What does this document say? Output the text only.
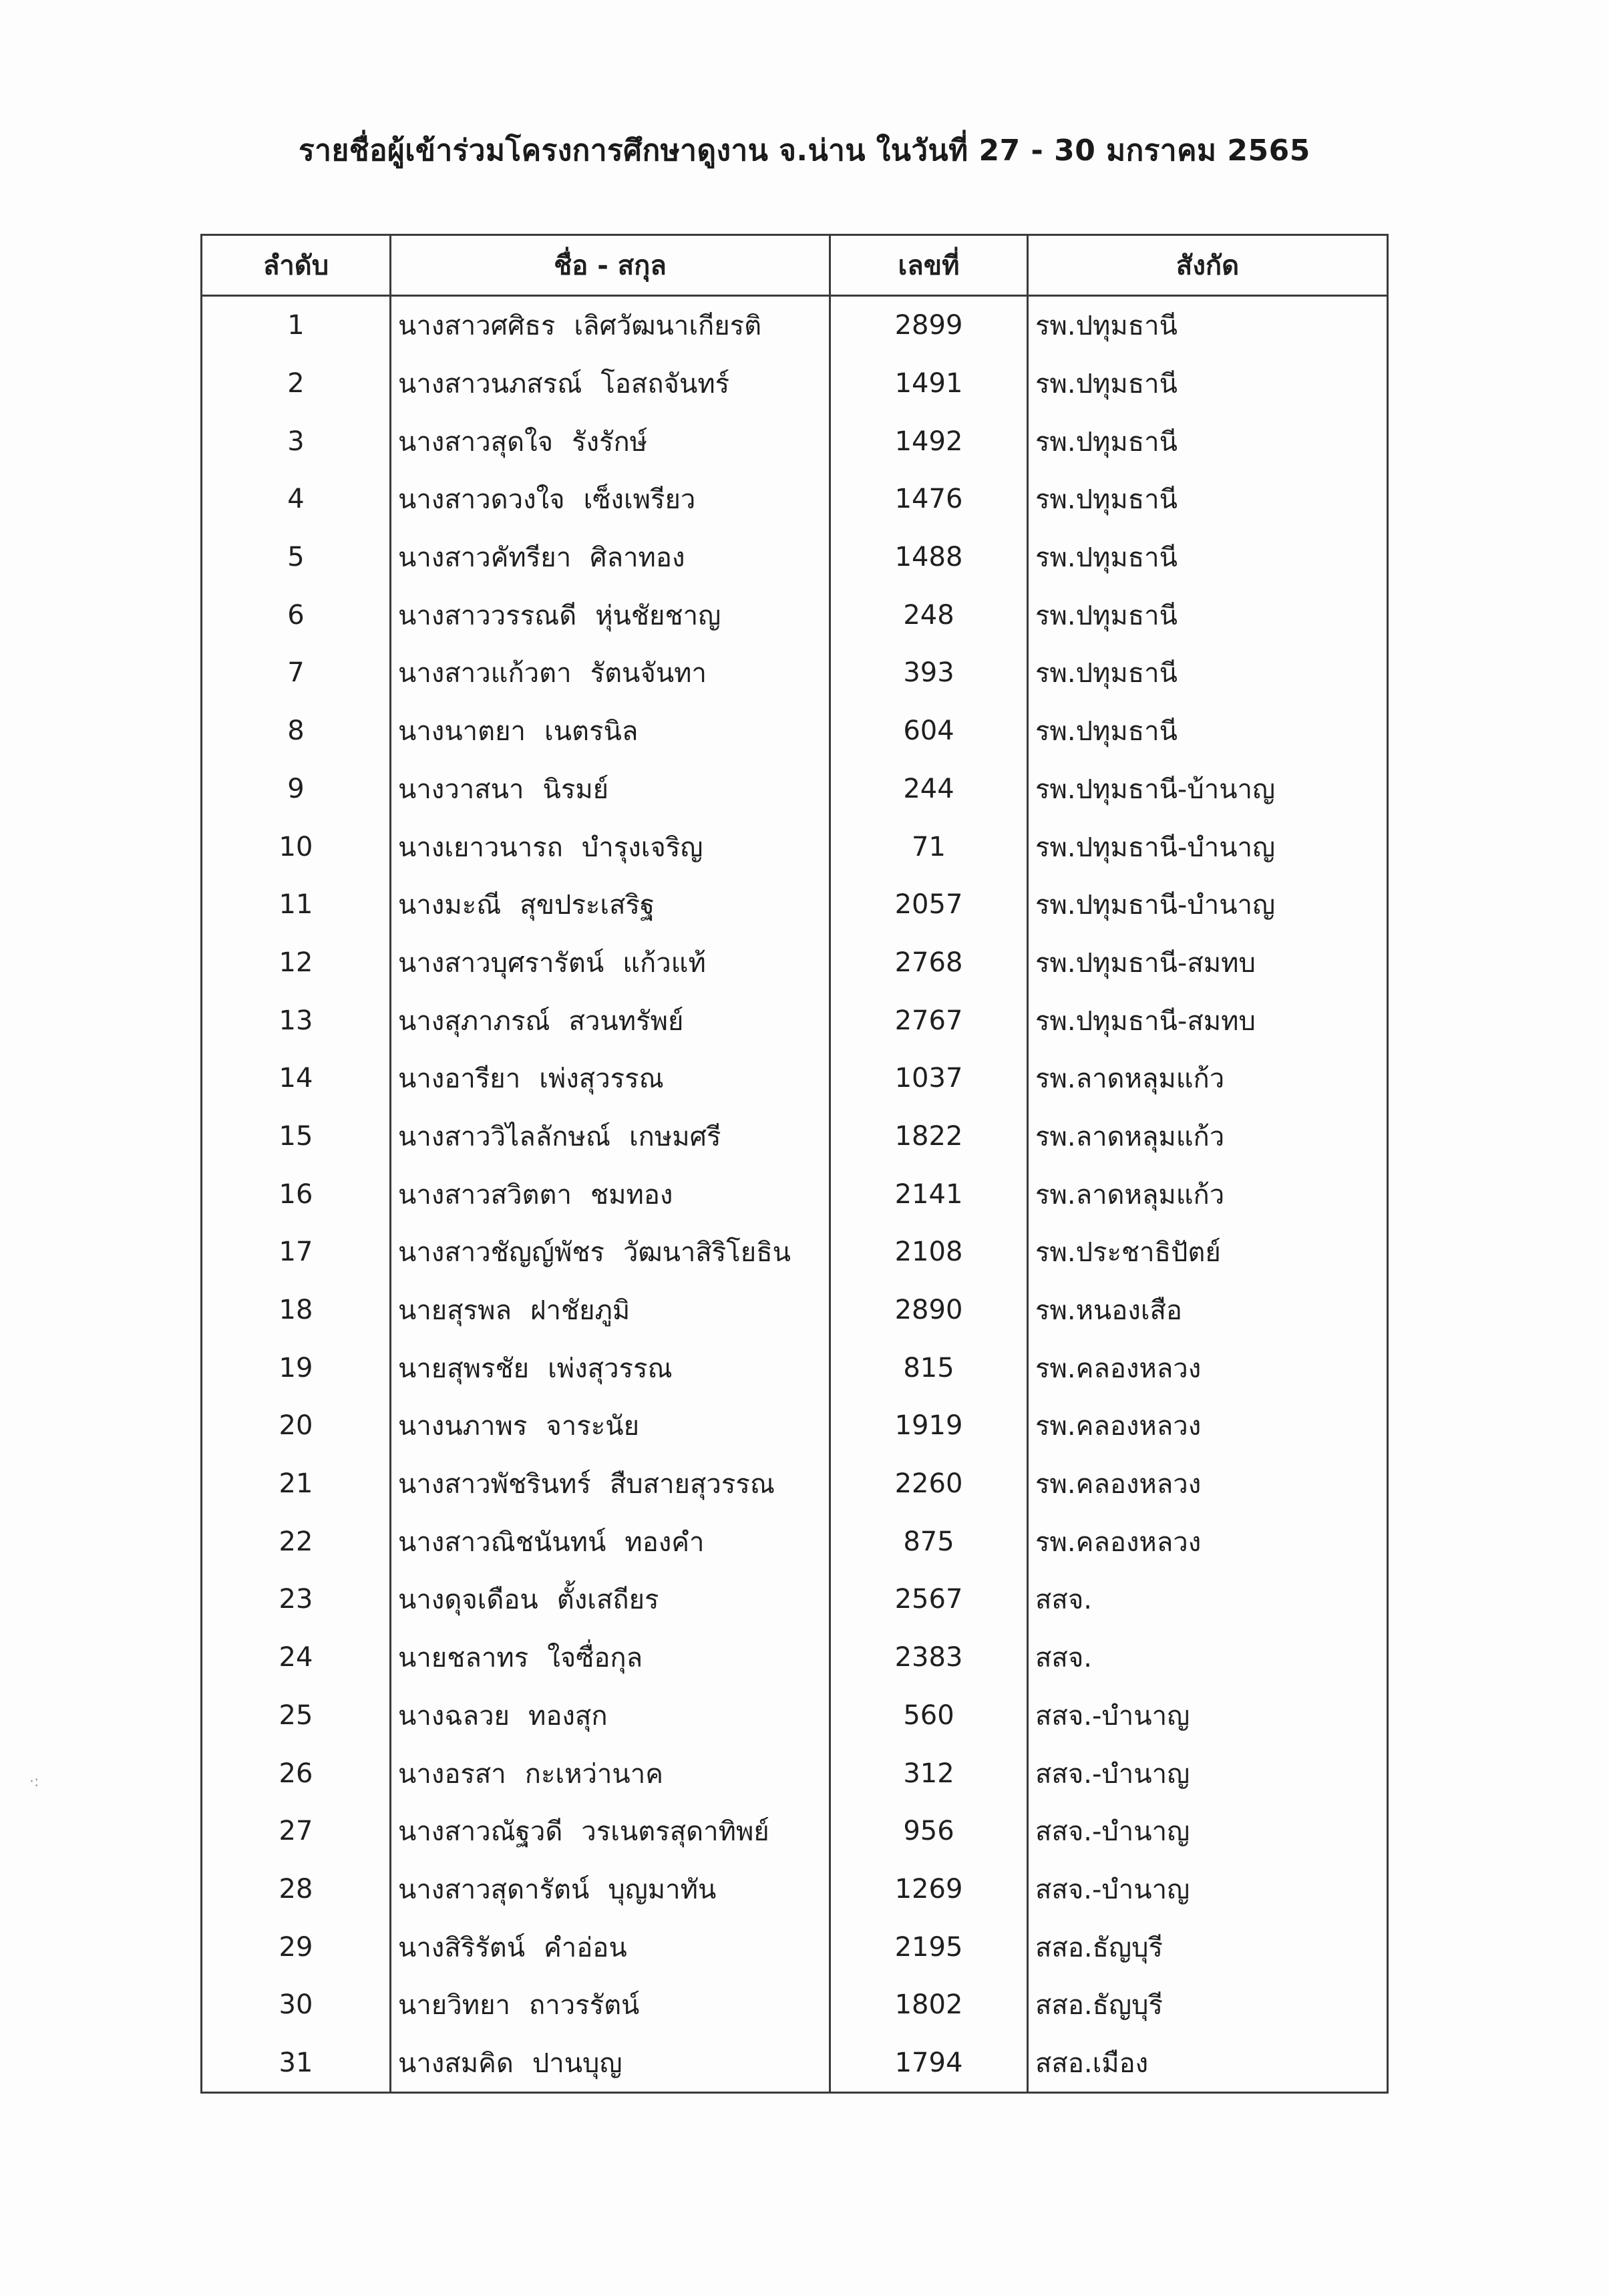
รายชื่อผู้เข้าร่วมโครงการศึกษาดูงาน จ.น่าน ในวันที่ 27 - 30 มกราคม 2565
ลำดับ	ชื่อ - สกุล	เลขที่	สังกัด
1	นางสาวศศิธร เลิศวัฒนาเกียรติ	2899	รพ.ปทุมธานี
2	นางสาวนภสรณ์ โอสถจันทร์	1491	รพ.ปทุมธานี
3	นางสาวสุดใจ รังรักษ์	1492	รพ.ปทุมธานี
4	นางสาวดวงใจ เซ็งเพรียว	1476	รพ.ปทุมธานี
5	นางสาวคัทรียา ศิลาทอง	1488	รพ.ปทุมธานี
6	นางสาววรรณดี หุ่นชัยชาญ	248	รพ.ปทุมธานี
7	นางสาวแก้วตา รัตนจันทา	393	รพ.ปทุมธานี
8	นางนาตยา เนตรนิล	604	รพ.ปทุมธานี
9	นางวาสนา นิรมย์	244	รพ.ปทุมธานี-บ้านาญ
10	นางเยาวนารถ บำรุงเจริญ	71	รพ.ปทุมธานี-บำนาญ
11	นางมะณี สุขประเสริฐ	2057	รพ.ปทุมธานี-บำนาญ
12	นางสาวบุศรารัตน์ แก้วแท้	2768	รพ.ปทุมธานี-สมทบ
13	นางสุภาภรณ์ สวนทรัพย์	2767	รพ.ปทุมธานี-สมทบ
14	นางอารียา เพ่งสุวรรณ	1037	รพ.ลาดหลุมแก้ว
15	นางสาววิไลลักษณ์ เกษมศรี	1822	รพ.ลาดหลุมแก้ว
16	นางสาวสวิตตา ชมทอง	2141	รพ.ลาดหลุมแก้ว
17	นางสาวชัญญ์พัชร วัฒนาสิริโยธิน	2108	รพ.ประชาธิปัตย์
18	นายสุรพล ฝาชัยภูมิ	2890	รพ.หนองเสือ
19	นายสุพรชัย เพ่งสุวรรณ	815	รพ.คลองหลวง
20	นางนภาพร จาระนัย	1919	รพ.คลองหลวง
21	นางสาวพัชรินทร์ สืบสายสุวรรณ	2260	รพ.คลองหลวง
22	นางสาวณิชนันทน์ ทองคำ	875	รพ.คลองหลวง
23	นางดุจเดือน ตั้งเสถียร	2567	สสจ.
24	นายชลาทร ใจซื่อกุล	2383	สสจ.
25	นางฉลวย ทองสุก	560	สสจ.-บำนาญ
26	นางอรสา กะเหว่านาค	312	สสจ.-บำนาญ
27	นางสาวณัฐวดี วรเนตรสุดาทิพย์	956	สสจ.-บำนาญ
28	นางสาวสุดารัตน์ บุญมาทัน	1269	สสจ.-บำนาญ
29	นางสิริรัตน์ คำอ่อน	2195	สสอ.ธัญบุรี
30	นายวิทยา ถาวรรัตน์	1802	สสอ.ธัญบุรี
31	นางสมคิด ปานบุญ	1794	สสอ.เมือง
·:
